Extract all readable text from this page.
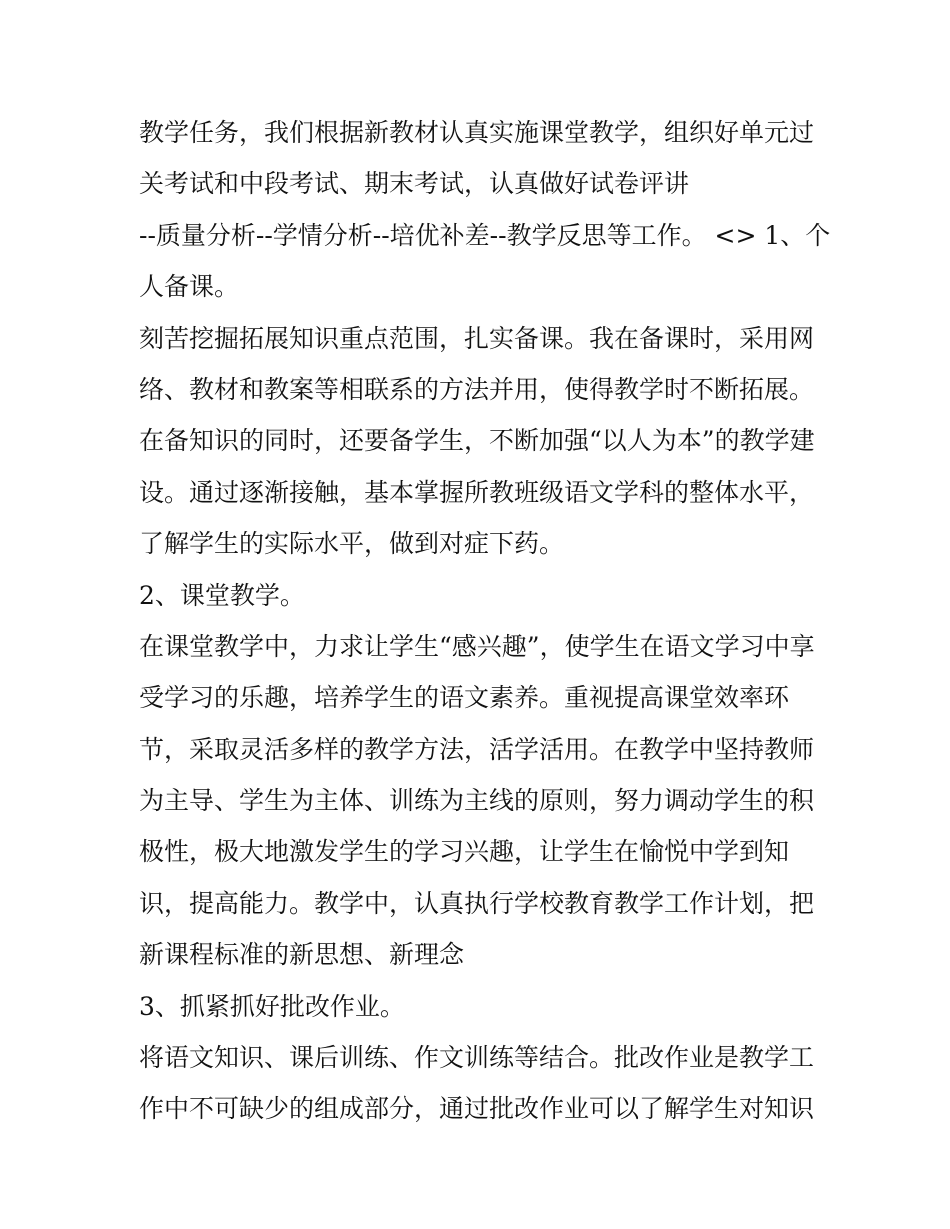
教学任务，我们根据新教材认真实施课堂教学，组织好单元过
关考试和中段考试、期末考试，认真做好试卷评讲
--质量分析--学情分析--培优补差--教学反思等工作。 <> 1、个
人备课。
刻苦挖掘拓展知识重点范围，扎实备课。我在备课时，采用网
络、教材和教案等相联系的方法并用，使得教学时不断拓展。
在备知识的同时，还要备学生，不断加强“以人为本”的教学建
设。通过逐渐接触，基本掌握所教班级语文学科的整体水平，
了解学生的实际水平，做到对症下药。
2、课堂教学。
在课堂教学中，力求让学生“感兴趣”，使学生在语文学习中享
受学习的乐趣，培养学生的语文素养。重视提高课堂效率环
节，采取灵活多样的教学方法，活学活用。在教学中坚持教师
为主导、学生为主体、训练为主线的原则，努力调动学生的积
极性，极大地激发学生的学习兴趣，让学生在愉悦中学到知
识，提高能力。教学中，认真执行学校教育教学工作计划，把
新课程标准的新思想、新理念
3、抓紧抓好批改作业。
将语文知识、课后训练、作文训练等结合。批改作业是教学工
作中不可缺少的组成部分，通过批改作业可以了解学生对知识
